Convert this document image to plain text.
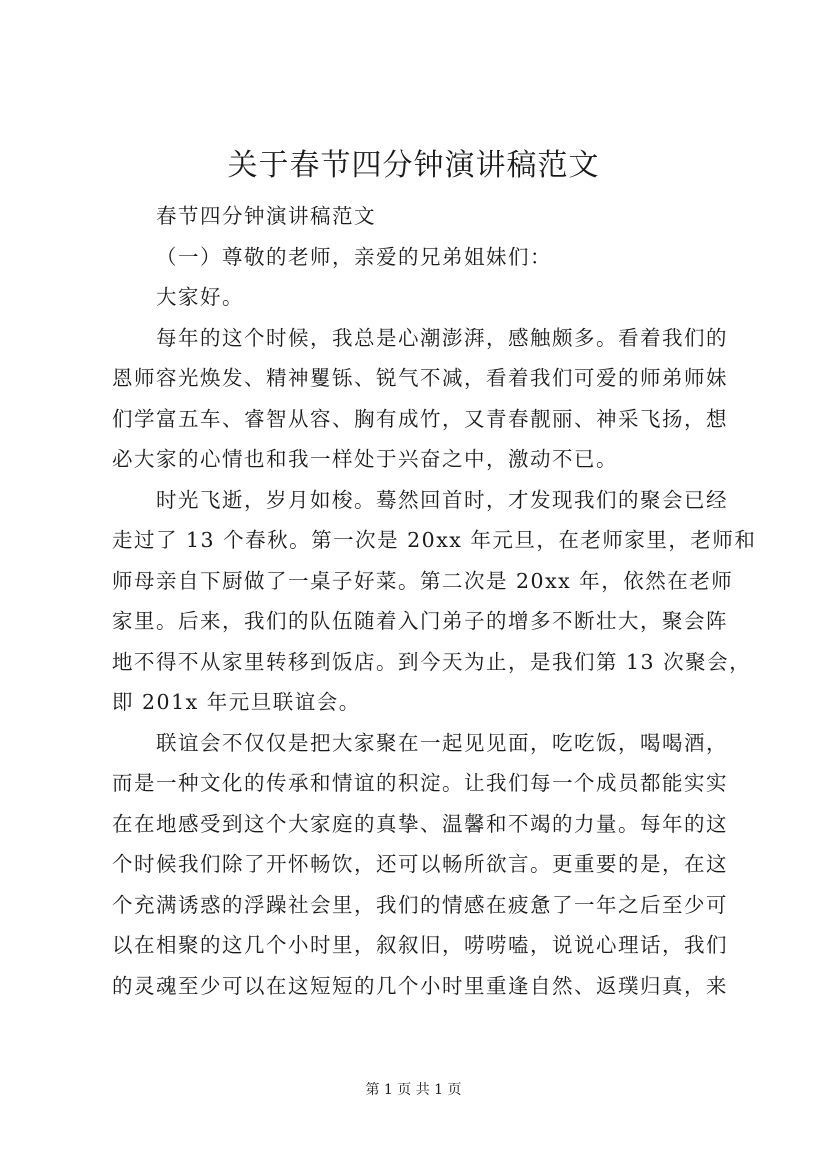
关于春节四分钟演讲稿范文
春节四分钟演讲稿范文
（一）尊敬的老师，亲爱的兄弟姐妹们：
大家好。
每年的这个时候，我总是心潮澎湃，感触颇多。看着我们的
恩师容光焕发、精神矍铄、锐气不减，看着我们可爱的师弟师妹
们学富五车、睿智从容、胸有成竹，又青春靓丽、神采飞扬，想
必大家的心情也和我一样处于兴奋之中，激动不已。
时光飞逝，岁月如梭。蓦然回首时，才发现我们的聚会已经
走过了 13 个春秋。第一次是 20xx 年元旦，在老师家里，老师和
师母亲自下厨做了一桌子好菜。第二次是 20xx 年，依然在老师
家里。后来，我们的队伍随着入门弟子的增多不断壮大，聚会阵
地不得不从家里转移到饭店。到今天为止，是我们第 13 次聚会，
即 201x 年元旦联谊会。
联谊会不仅仅是把大家聚在一起见见面，吃吃饭，喝喝酒，
而是一种文化的传承和情谊的积淀。让我们每一个成员都能实实
在在地感受到这个大家庭的真挚、温馨和不竭的力量。每年的这
个时候我们除了开怀畅饮，还可以畅所欲言。更重要的是，在这
个充满诱惑的浮躁社会里，我们的情感在疲惫了一年之后至少可
以在相聚的这几个小时里，叙叙旧，唠唠嗑，说说心理话，我们
的灵魂至少可以在这短短的几个小时里重逢自然、返璞归真，来
第 1 页 共 1 页
